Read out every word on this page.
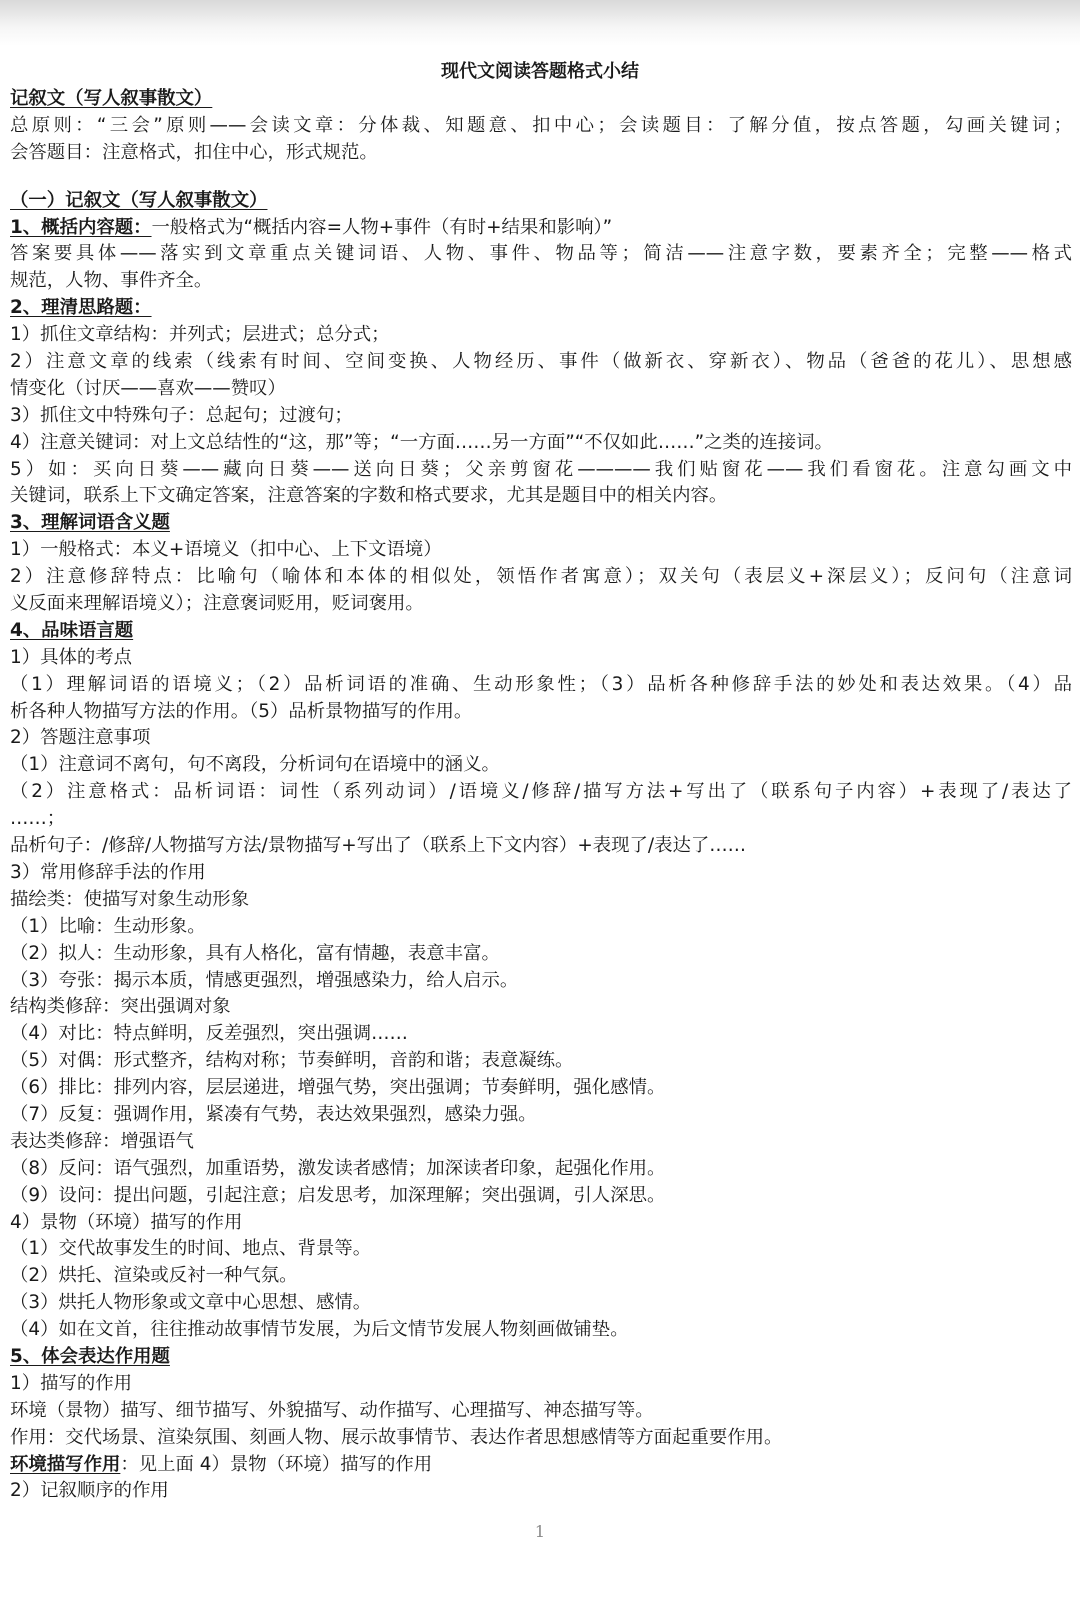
现代文阅读答题格式小结
记叙文（写人叙事散文）
总原则：“三会”原则——会读文章：分体裁、知题意、扣中心；会读题目：了解分值，按点答题，勾画关键词；
会答题目：注意格式，扣住中心，形式规范。
（一）记叙文（写人叙事散文）
1、概括内容题：一般格式为“概括内容=人物+事件（有时+结果和影响）”
答案要具体——落实到文章重点关键词语、人物、事件、物品等；简洁——注意字数，要素齐全；完整——格式
规范，人物、事件齐全。
2、理清思路题：
1）抓住文章结构：并列式；层进式；总分式；
2）注意文章的线索（线索有时间、空间变换、人物经历、事件（做新衣、穿新衣）、物品（爸爸的花儿）、思想感
情变化（讨厌——喜欢——赞叹）
3）抓住文中特殊句子：总起句；过渡句；
4）注意关键词：对上文总结性的“这，那”等；“一方面……另一方面”“不仅如此……”之类的连接词。
5）如：买向日葵——藏向日葵——送向日葵；父亲剪窗花————我们贴窗花——我们看窗花。注意勾画文中
关键词，联系上下文确定答案，注意答案的字数和格式要求，尤其是题目中的相关内容。
3、理解词语含义题
1）一般格式：本义+语境义（扣中心、上下文语境）
2）注意修辞特点：比喻句（喻体和本体的相似处，领悟作者寓意）；双关句（表层义+深层义）；反问句（注意词
义反面来理解语境义）；注意褒词贬用，贬词褒用。
4、品味语言题
1）具体的考点
（1）理解词语的语境义；（2）品析词语的准确、生动形象性；（3）品析各种修辞手法的妙处和表达效果。（4）品
析各种人物描写方法的作用。（5）品析景物描写的作用。
2）答题注意事项
（1）注意词不离句，句不离段，分析词句在语境中的涵义。
（2）注意格式：品析词语：词性（系列动词）/语境义/修辞/描写方法+写出了（联系句子内容）+表现了/表达了
……；
品析句子：/修辞/人物描写方法/景物描写+写出了（联系上下文内容）+表现了/表达了……
3）常用修辞手法的作用
描绘类：使描写对象生动形象
（1）比喻：生动形象。
（2）拟人：生动形象，具有人格化，富有情趣，表意丰富。
（3）夸张：揭示本质，情感更强烈，增强感染力，给人启示。
结构类修辞：突出强调对象
（4）对比：特点鲜明，反差强烈，突出强调……
（5）对偶：形式整齐，结构对称；节奏鲜明，音韵和谐；表意凝练。
（6）排比：排列内容，层层递进，增强气势，突出强调；节奏鲜明，强化感情。
（7）反复：强调作用，紧凑有气势，表达效果强烈，感染力强。
表达类修辞：增强语气
（8）反问：语气强烈，加重语势，激发读者感情；加深读者印象，起强化作用。
（9）设问：提出问题，引起注意；启发思考，加深理解；突出强调，引人深思。
4）景物（环境）描写的作用
（1）交代故事发生的时间、地点、背景等。
（2）烘托、渲染或反衬一种气氛。
（3）烘托人物形象或文章中心思想、感情。
（4）如在文首，往往推动故事情节发展，为后文情节发展人物刻画做铺垫。
5、体会表达作用题
1）描写的作用
环境（景物）描写、细节描写、外貌描写、动作描写、心理描写、神态描写等。
作用：交代场景、渲染氛围、刻画人物、展示故事情节、表达作者思想感情等方面起重要作用。
环境描写作用：见上面 4）景物（环境）描写的作用
2）记叙顺序的作用
1
